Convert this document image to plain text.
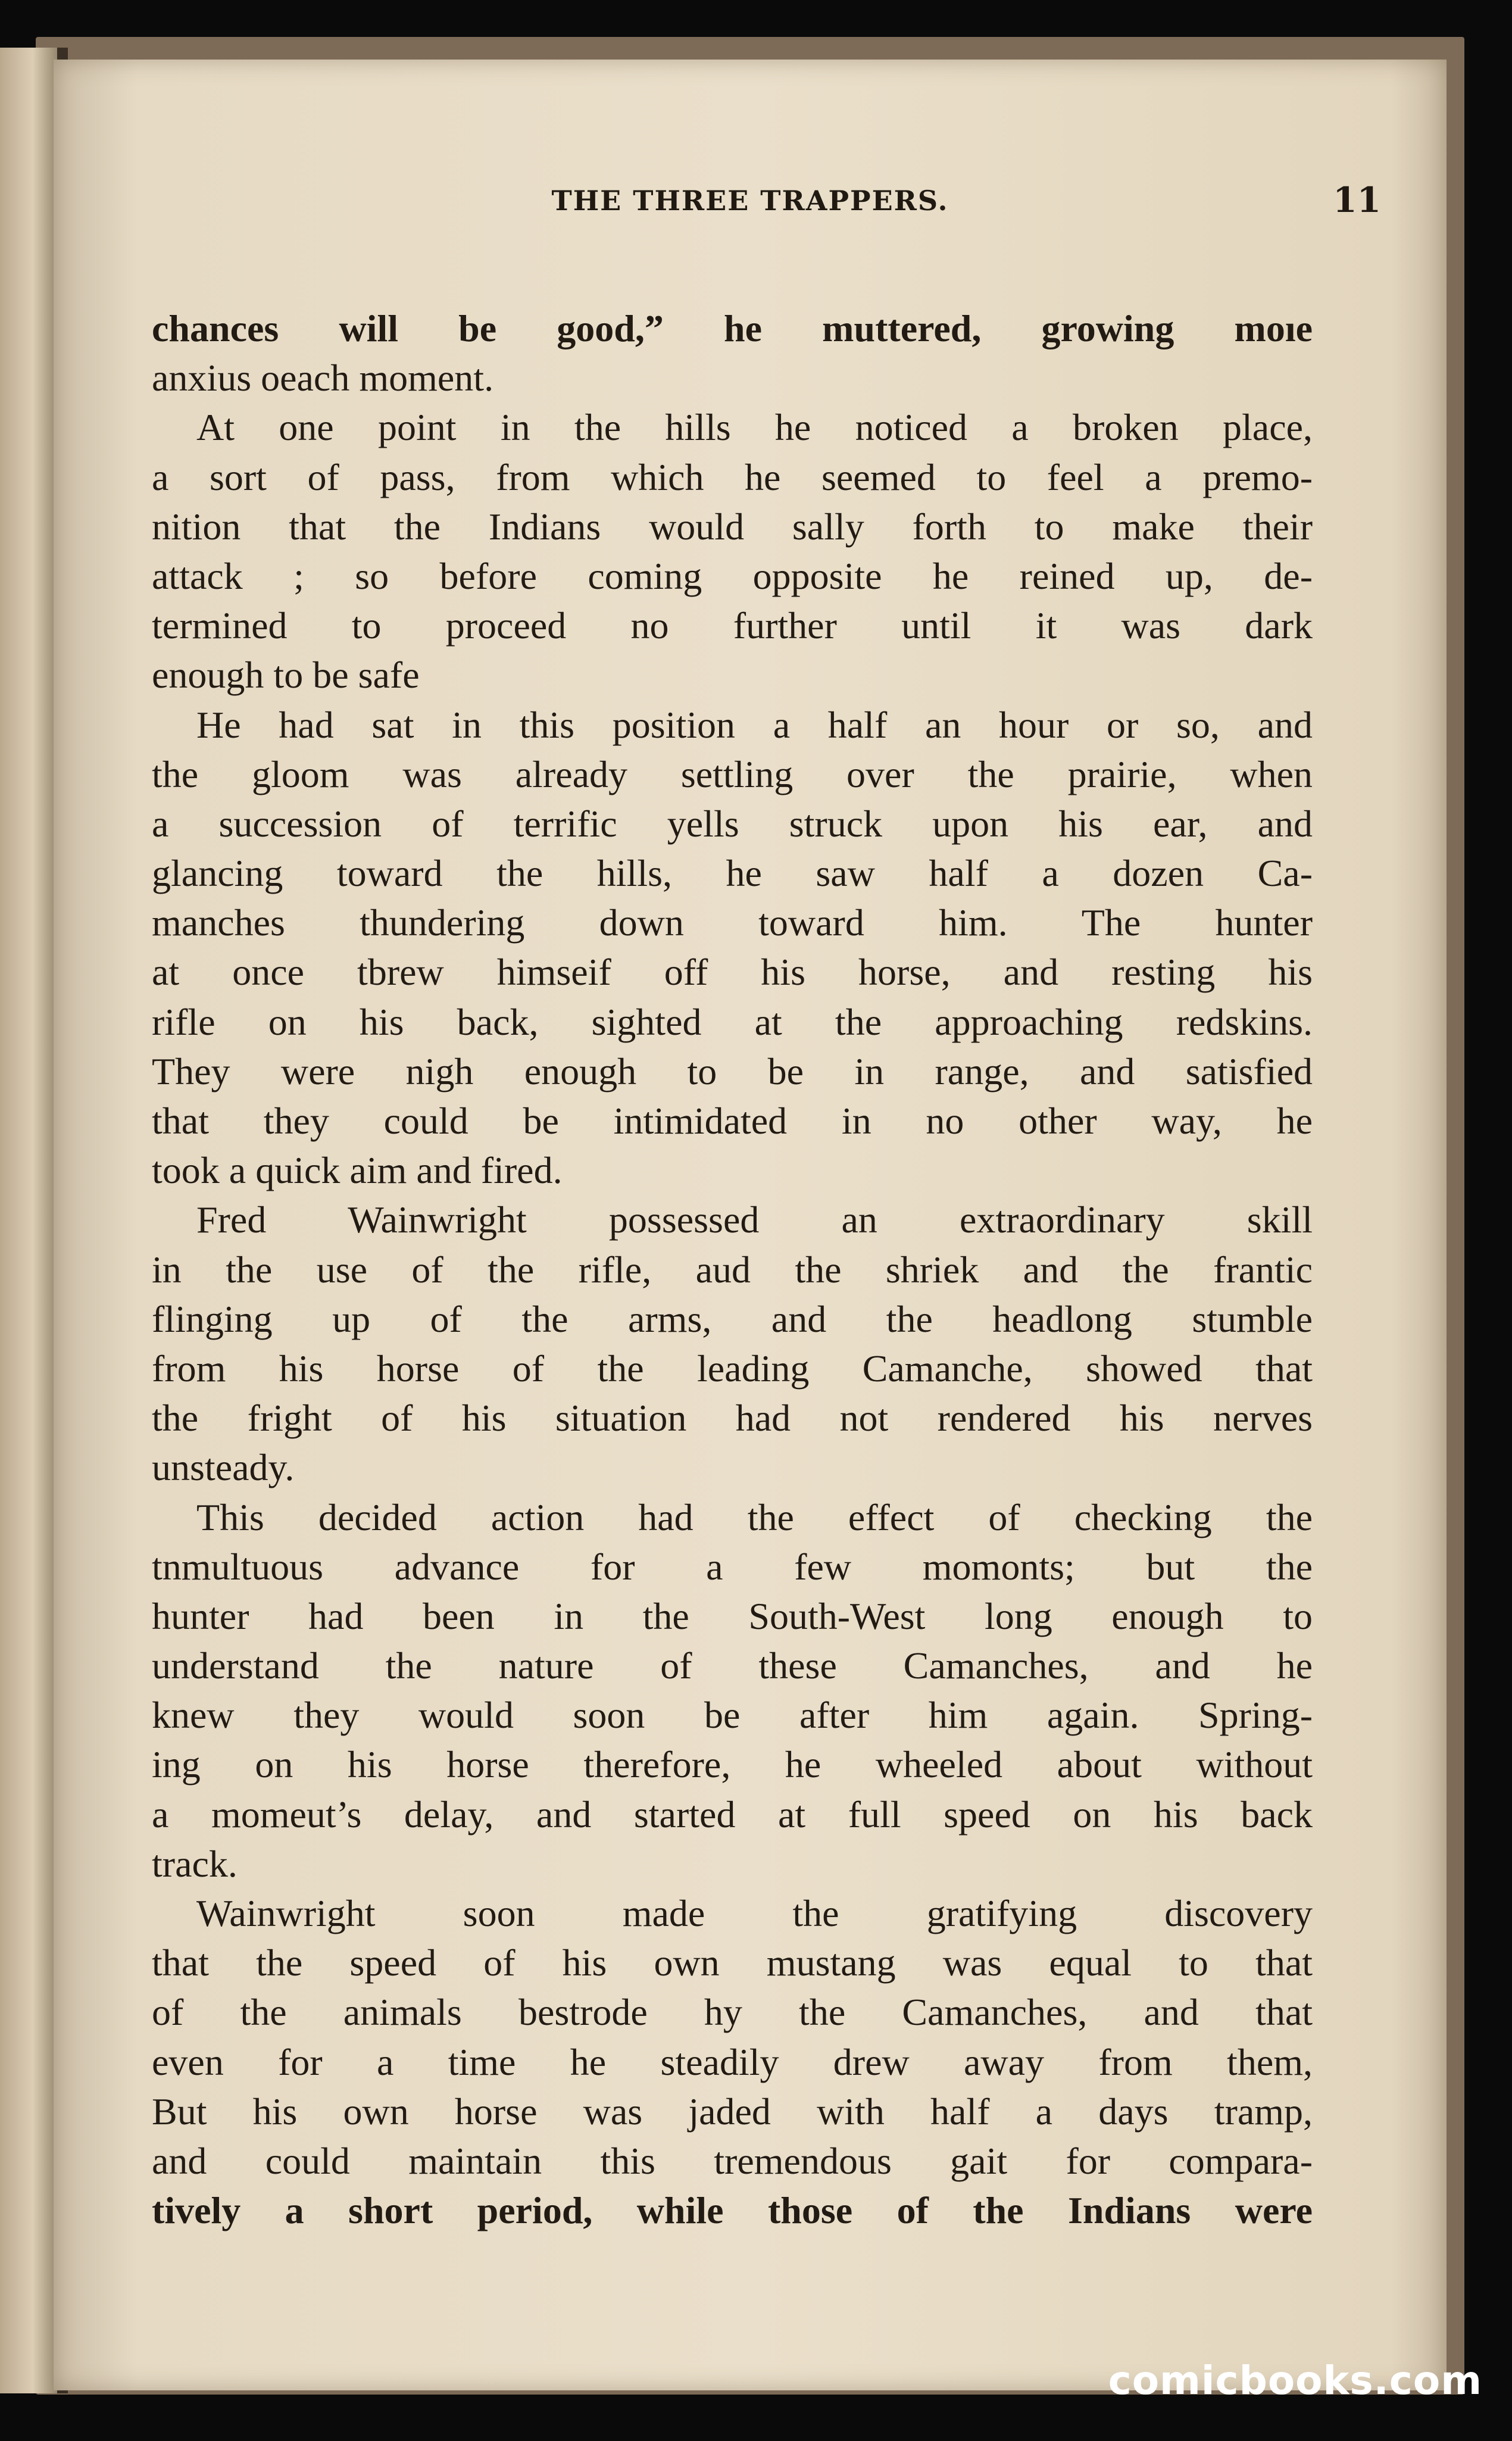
THE THREE TRAPPERS.	11
chances will be good,” he muttered, growing moıe
anxius oeach moment.
At one point in the hills he noticed a broken place,
a sort of pass, from which he seemed to feel a premo-
nition that the Indians would sally forth to make their
attack ; so before coming opposite he reined up, de-
termined to proceed no further until it was dark
enough to be safe
He had sat in this position a half an hour or so, and
the gloom was already settling over the prairie, when
a succession of terrific yells struck upon his ear, and
glancing toward the hills, he saw half a dozen Ca-
manches thundering down toward him. The hunter
at once tbrew himseif off his horse, and resting his
rifle on his back, sighted at the approaching redskins.
They were nigh enough to be in range, and satisfied
that they could be intimidated in no other way, he
took a quick aim and fired.
Fred Wainwright possessed an extraordinary skill
in the use of the rifle, aud the shriek and the frantic
flinging up of the arms, and the headlong stumble
from his horse of the leading Camanche, showed that
the fright of his situation had not rendered his nerves
unsteady.
This decided action had the effect of checking the
tnmultuous advance for a few momonts; but the
hunter had been in the South-West long enough to
understand the nature of these Camanches, and he
knew they would soon be after him again. Spring-
ing on his horse therefore, he wheeled about without
a momeut’s delay, and started at full speed on his back
track.
Wainwright soon made the gratifying discovery
that the speed of his own mustang was equal to that
of the animals bestrode hy the Camanches, and that
even for a time he steadily drew away from them,
But his own horse was jaded with half a days tramp,
and could maintain this tremendous gait for compara-
tively a short period, while those of the Indians were
comicbooks.com
